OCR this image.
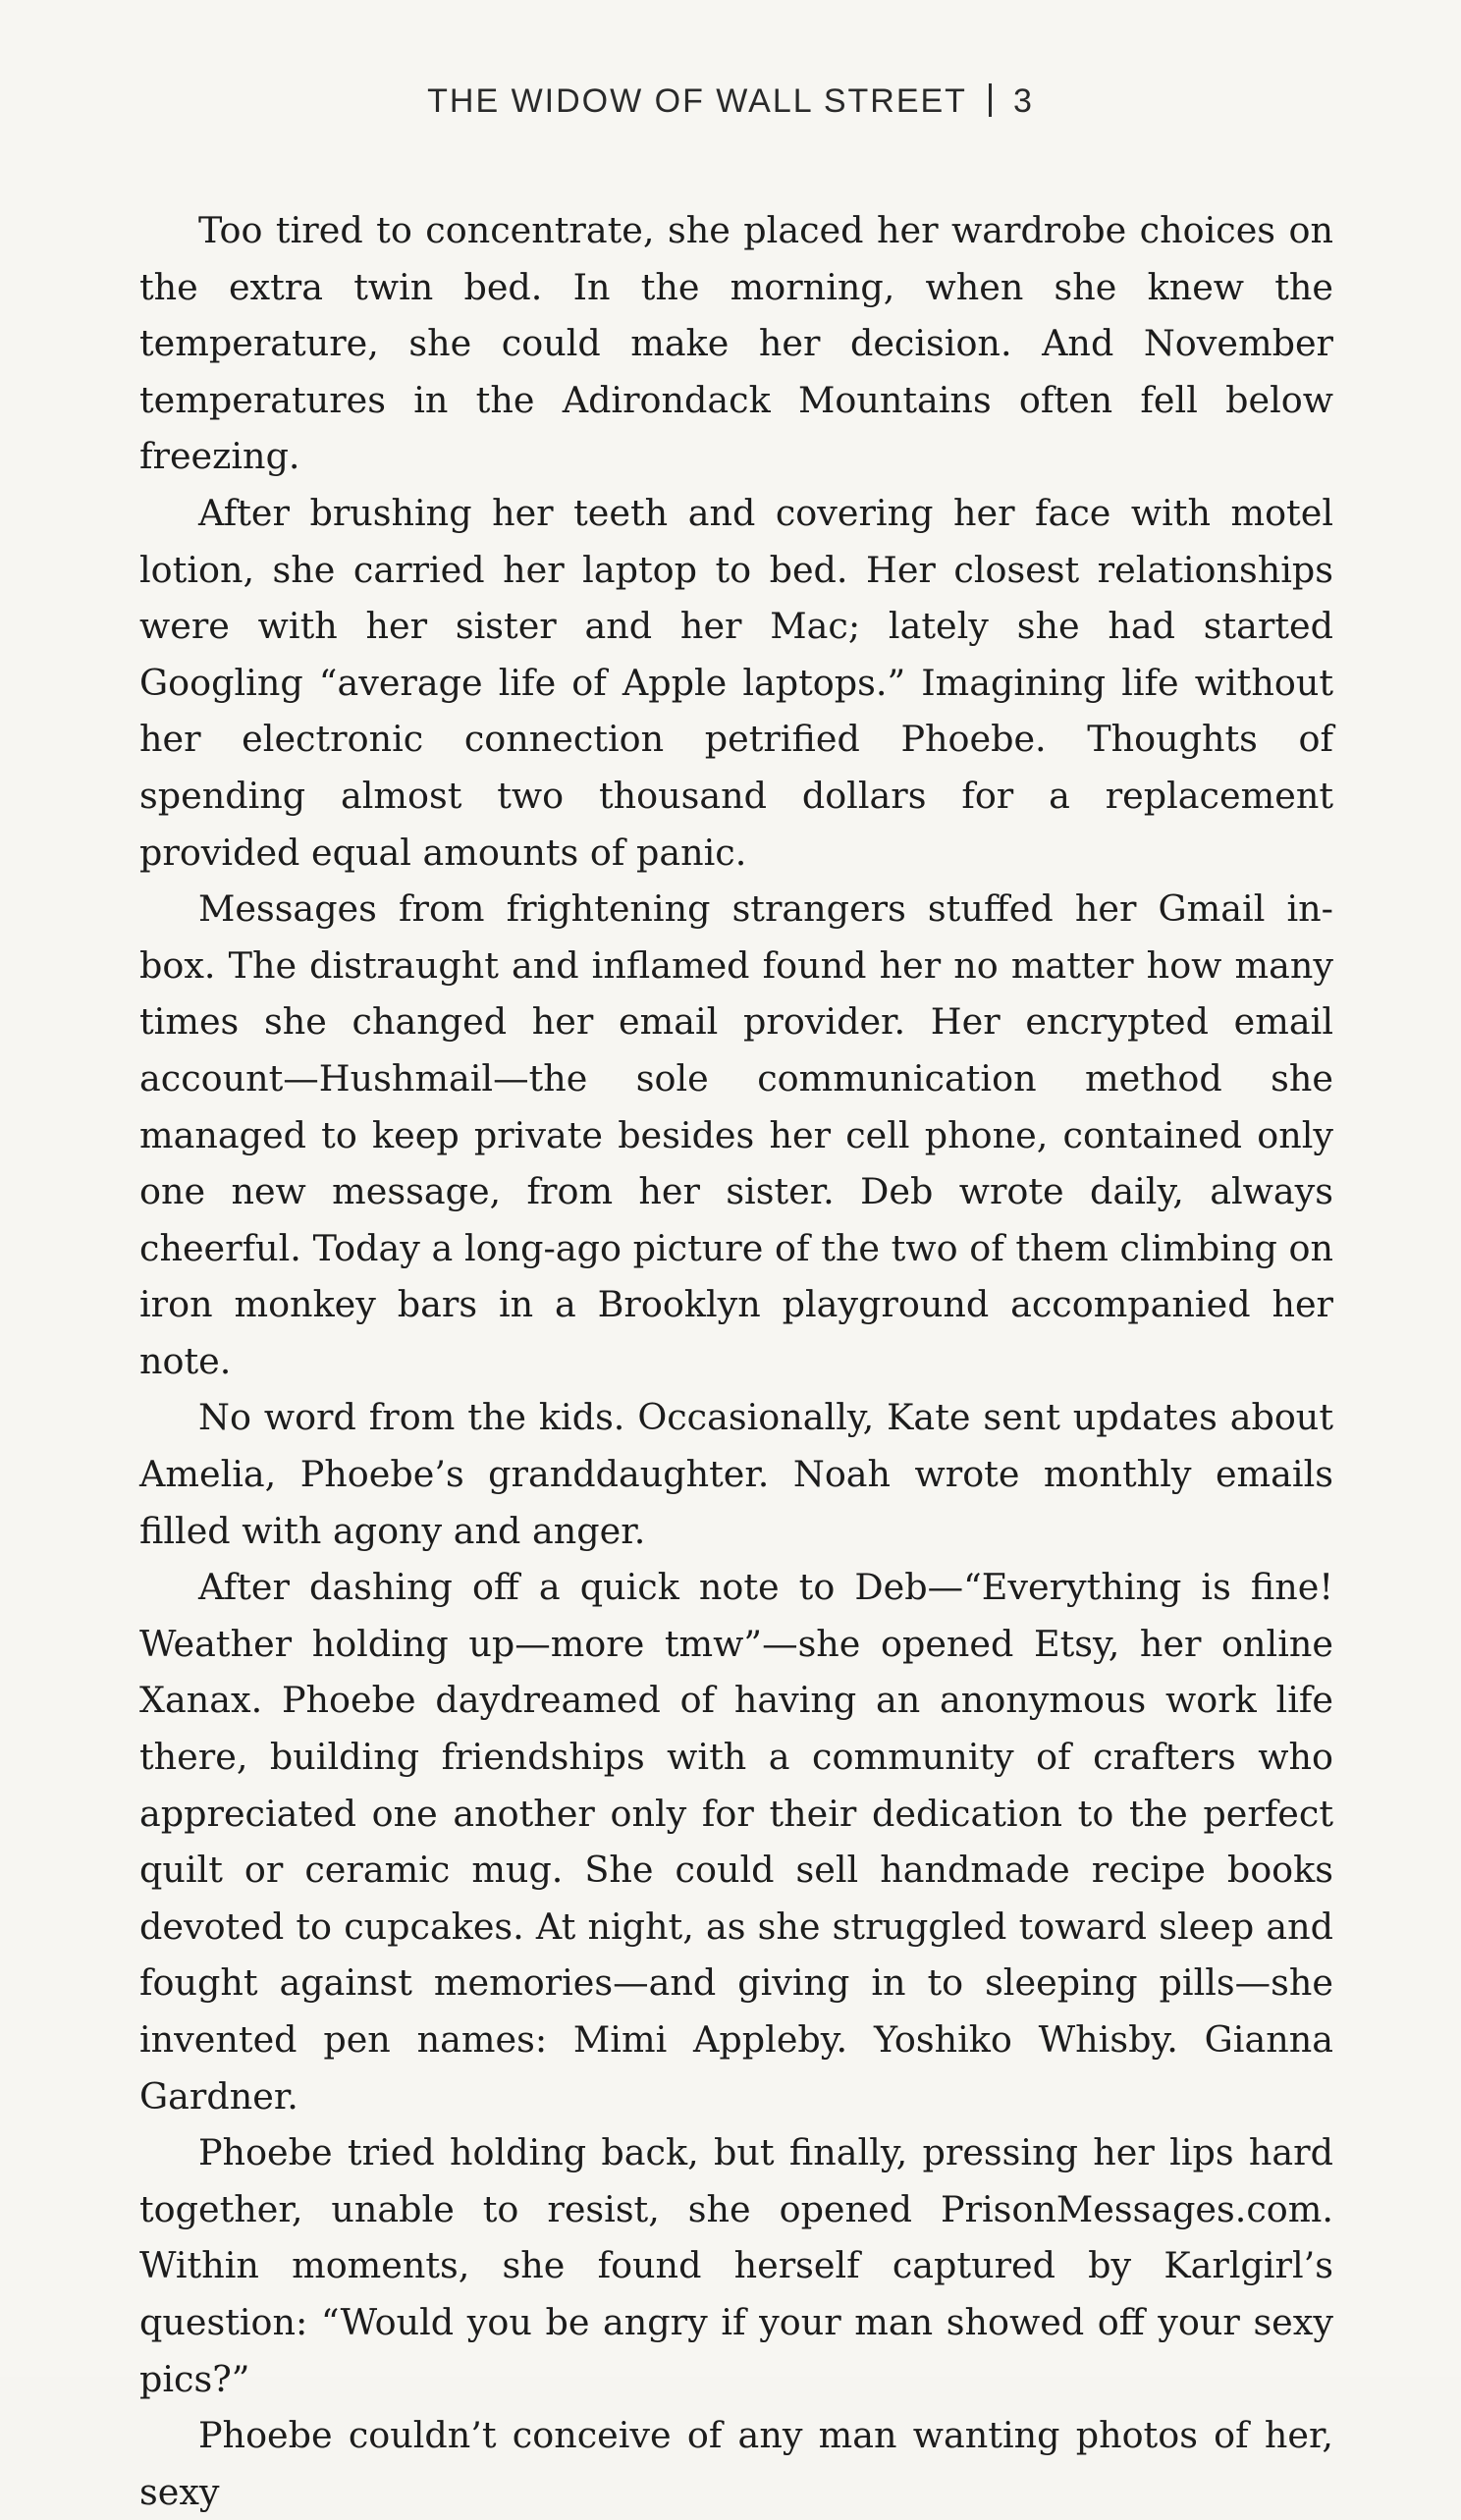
THE WIDOW OF WALL STREET 3

Too tired to concentrate, she placed her wardrobe choices on the extra twin bed. In the morning, when she knew the temperature, she could make her decision. And November temperatures in the Adirondack Mountains often fell below freezing.

After brushing her teeth and covering her face with motel lotion, she carried her laptop to bed. Her closest relationships were with her sister and her Mac; lately she had started Googling “average life of Apple laptops.” Imagining life without her electronic connection petrified Phoebe. Thoughts of spending almost two thousand dollars for a replacement provided equal amounts of panic.

Messages from frightening strangers stuffed her Gmail in-box. The distraught and inflamed found her no matter how many times she changed her email provider. Her encrypted email account—Hushmail—the sole communication method she managed to keep private besides her cell phone, contained only one new message, from her sister. Deb wrote daily, always cheerful. Today a long-ago picture of the two of them climbing on iron monkey bars in a Brooklyn playground accompanied her note.

No word from the kids. Occasionally, Kate sent updates about Amelia, Phoebe’s granddaughter. Noah wrote monthly emails filled with agony and anger.

After dashing off a quick note to Deb—“Everything is fine! Weather holding up—more tmw”—she opened Etsy, her online Xanax. Phoebe daydreamed of having an anonymous work life there, building friendships with a community of crafters who appreciated one another only for their dedication to the perfect quilt or ceramic mug. She could sell handmade recipe books devoted to cupcakes. At night, as she struggled toward sleep and fought against memories—and giving in to sleeping pills—she invented pen names: Mimi Appleby. Yoshiko Whisby. Gianna Gardner.

Phoebe tried holding back, but finally, pressing her lips hard together, unable to resist, she opened PrisonMessages.com. Within moments, she found herself captured by Karlgirl’s question: “Would you be angry if your man showed off your sexy pics?”

Phoebe couldn’t conceive of any man wanting photos of her, sexy
